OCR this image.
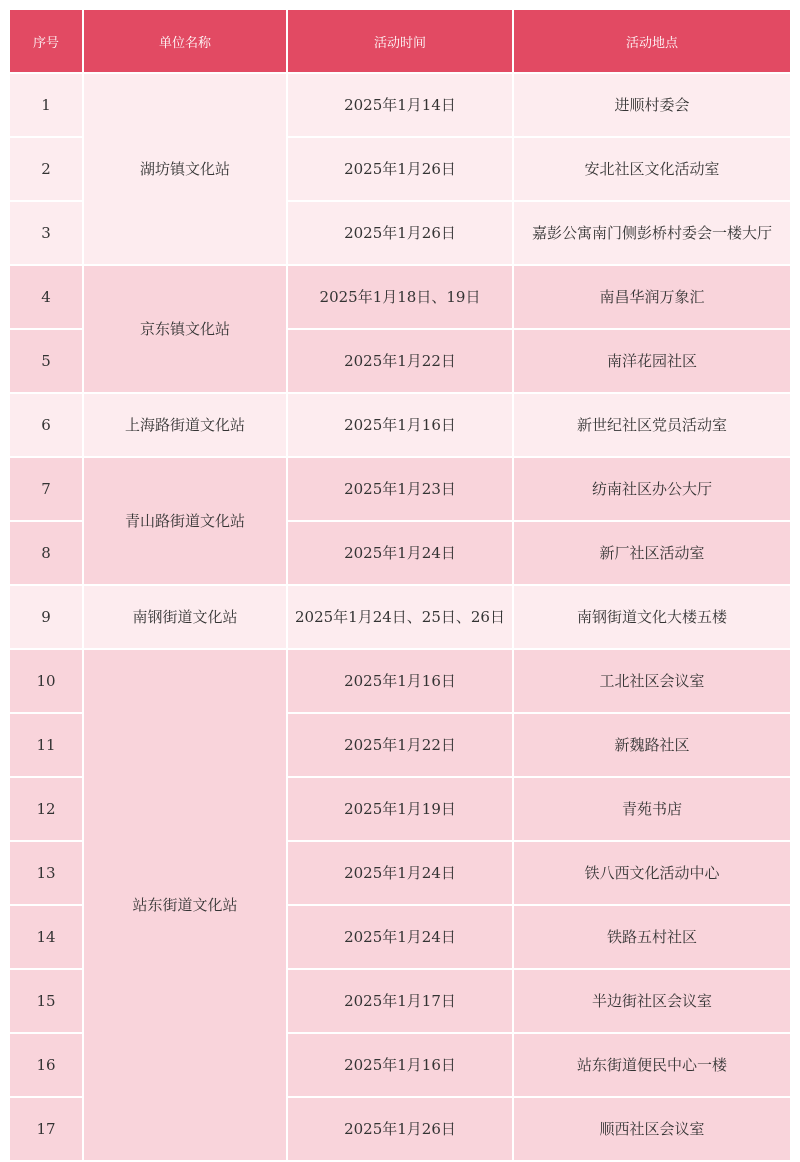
序号	单位名称	活动时间	活动地点
1	湖坊镇文化站	2025年1月14日	进顺村委会
2		2025年1月26日	安北社区文化活动室
3		2025年1月26日	嘉彭公寓南门侧彭桥村委会一楼大厅
4	京东镇文化站	2025年1月18日、19日	南昌华润万象汇
5		2025年1月22日	南洋花园社区
6	上海路街道文化站	2025年1月16日	新世纪社区党员活动室
7	青山路街道文化站	2025年1月23日	纺南社区办公大厅
8		2025年1月24日	新厂社区活动室
9	南钢街道文化站	2025年1月24日、25日、26日	南钢街道文化大楼五楼
10	站东街道文化站	2025年1月16日	工北社区会议室
11		2025年1月22日	新魏路社区
12		2025年1月19日	青苑书店
13		2025年1月24日	铁八西文化活动中心
14		2025年1月24日	铁路五村社区
15		2025年1月17日	半边街社区会议室
16		2025年1月16日	站东街道便民中心一楼
17		2025年1月26日	顺西社区会议室
